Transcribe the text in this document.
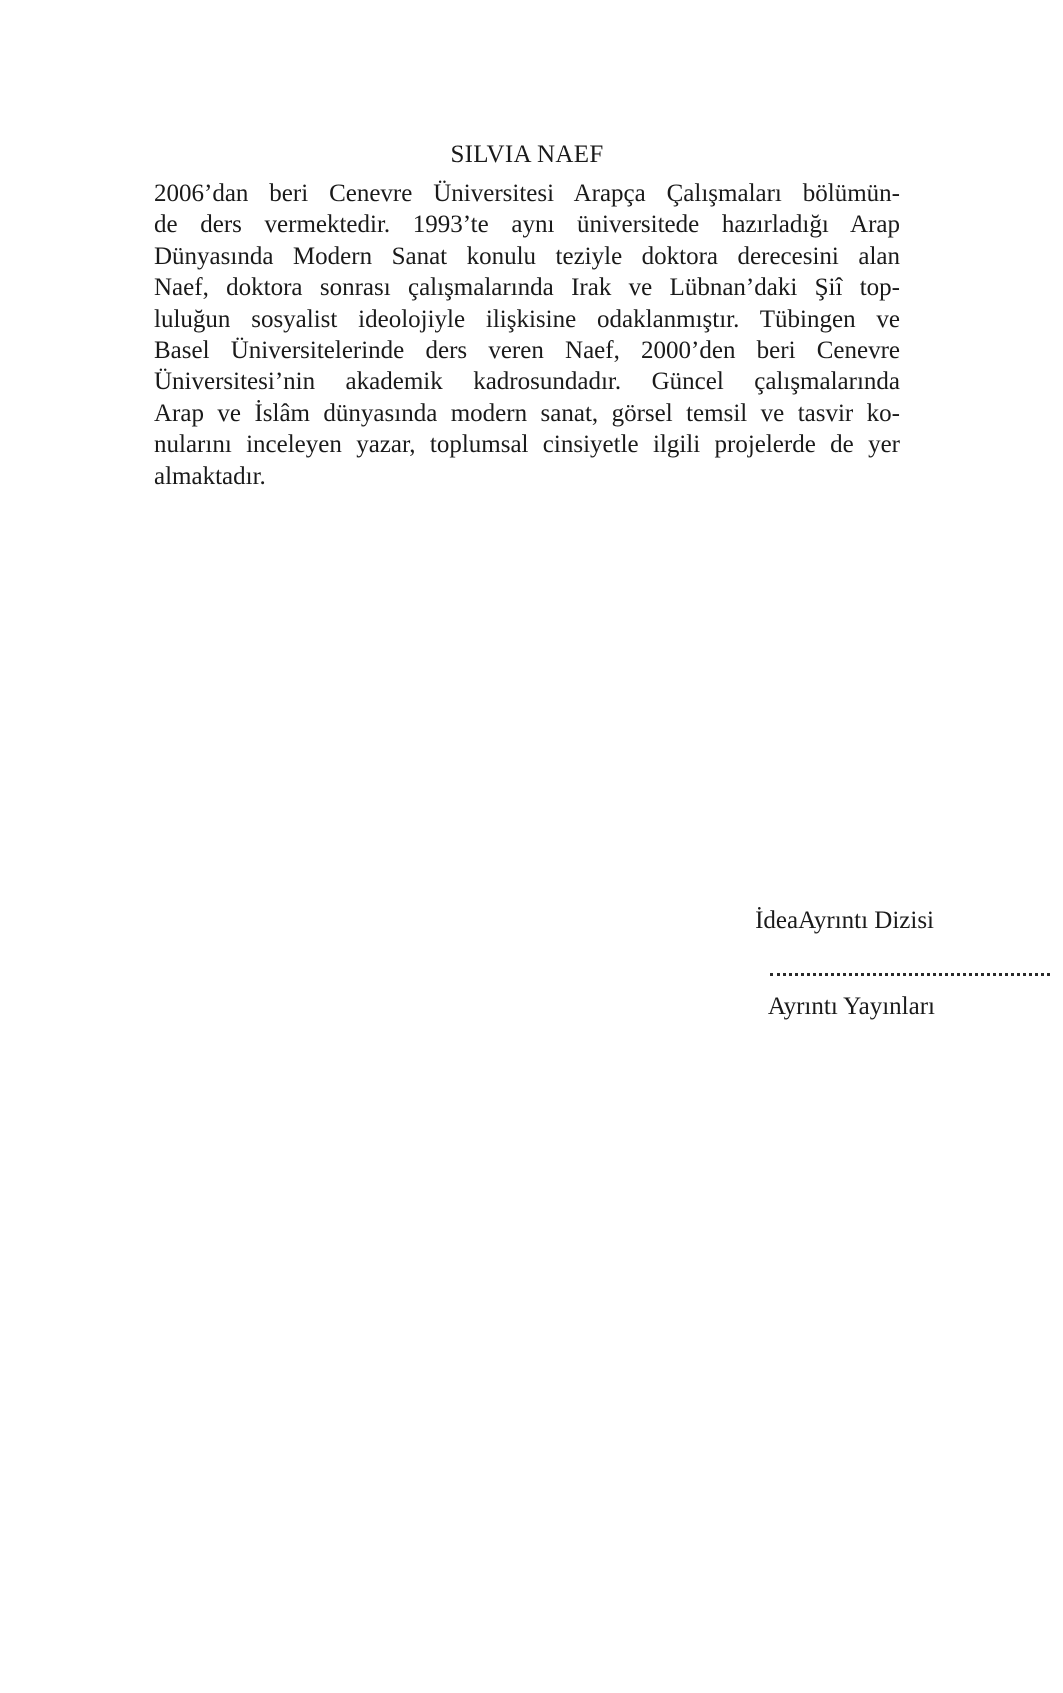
SILVIA NAEF
2006’dan beri Cenevre Üniversitesi Arapça Çalışmaları bölümün-
de ders vermektedir. 1993’te aynı üniversitede hazırladığı Arap
Dünyasında Modern Sanat konulu teziyle doktora derecesini alan
Naef, doktora sonrası çalışmalarında Irak ve Lübnan’daki Şiî top-
luluğun sosyalist ideolojiyle ilişkisine odaklanmıştır. Tübingen ve
Basel Üniversitelerinde ders veren Naef, 2000’den beri Cenevre
Üniversitesi’nin akademik kadrosundadır. Güncel çalışmalarında
Arap ve İslâm dünyasında modern sanat, görsel temsil ve tasvir ko-
nularını inceleyen yazar, toplumsal cinsiyetle ilgili projelerde de yer
almaktadır.
İdeaAyrıntı Dizisi
Ayrıntı Yayınları
